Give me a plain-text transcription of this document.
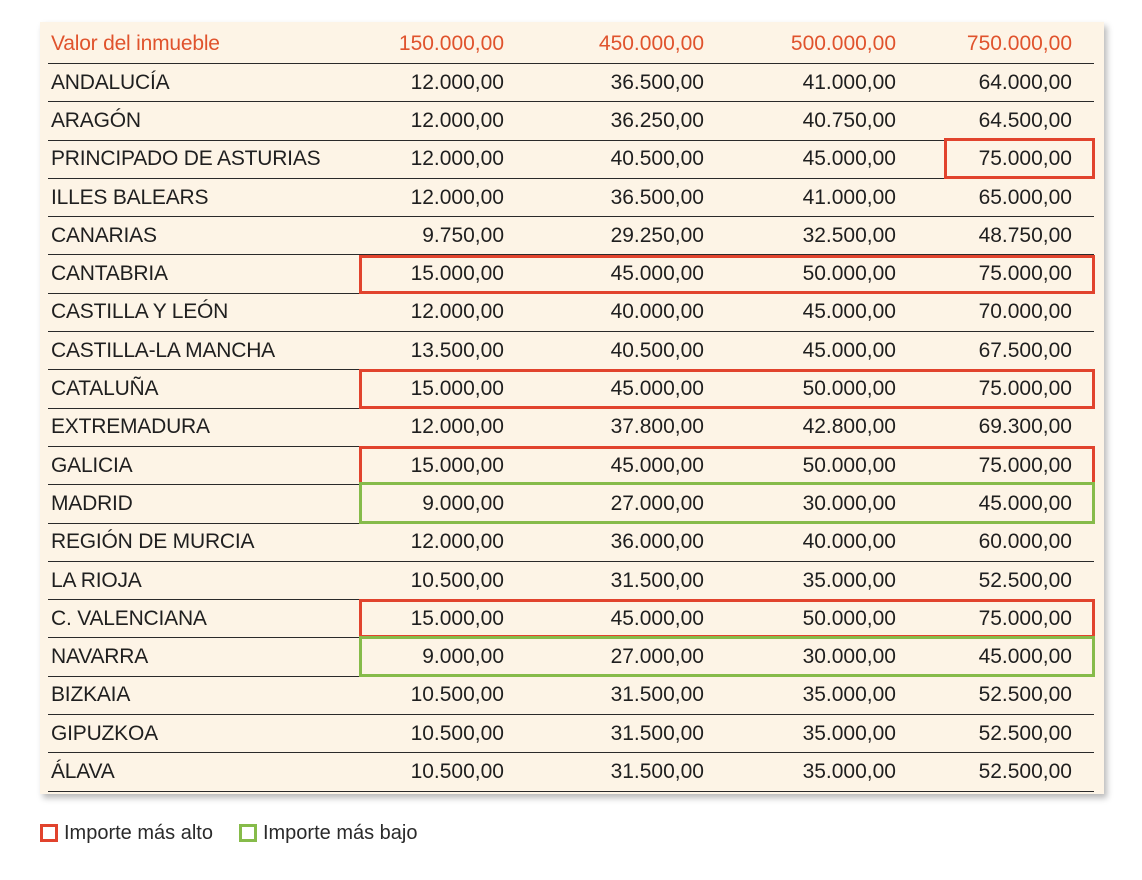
Valor del inmueble	150.000,00	450.000,00	500.000,00	750.000,00
ANDALUCÍA	12.000,00	36.500,00	41.000,00	64.000,00
ARAGÓN	12.000,00	36.250,00	40.750,00	64.500,00
PRINCIPADO DE ASTURIAS	12.000,00	40.500,00	45.000,00	75.000,00
ILLES BALEARS	12.000,00	36.500,00	41.000,00	65.000,00
CANARIAS	9.750,00	29.250,00	32.500,00	48.750,00
CANTABRIA	15.000,00	45.000,00	50.000,00	75.000,00
CASTILLA Y LEÓN	12.000,00	40.000,00	45.000,00	70.000,00
CASTILLA-LA MANCHA	13.500,00	40.500,00	45.000,00	67.500,00
CATALUÑA	15.000,00	45.000,00	50.000,00	75.000,00
EXTREMADURA	12.000,00	37.800,00	42.800,00	69.300,00
GALICIA	15.000,00	45.000,00	50.000,00	75.000,00
MADRID	9.000,00	27.000,00	30.000,00	45.000,00
REGIÓN DE MURCIA	12.000,00	36.000,00	40.000,00	60.000,00
LA RIOJA	10.500,00	31.500,00	35.000,00	52.500,00
C. VALENCIANA	15.000,00	45.000,00	50.000,00	75.000,00
NAVARRA	9.000,00	27.000,00	30.000,00	45.000,00
BIZKAIA	10.500,00	31.500,00	35.000,00	52.500,00
GIPUZKOA	10.500,00	31.500,00	35.000,00	52.500,00
ÁLAVA	10.500,00	31.500,00	35.000,00	52.500,00
Importe más alto	Importe más bajo
